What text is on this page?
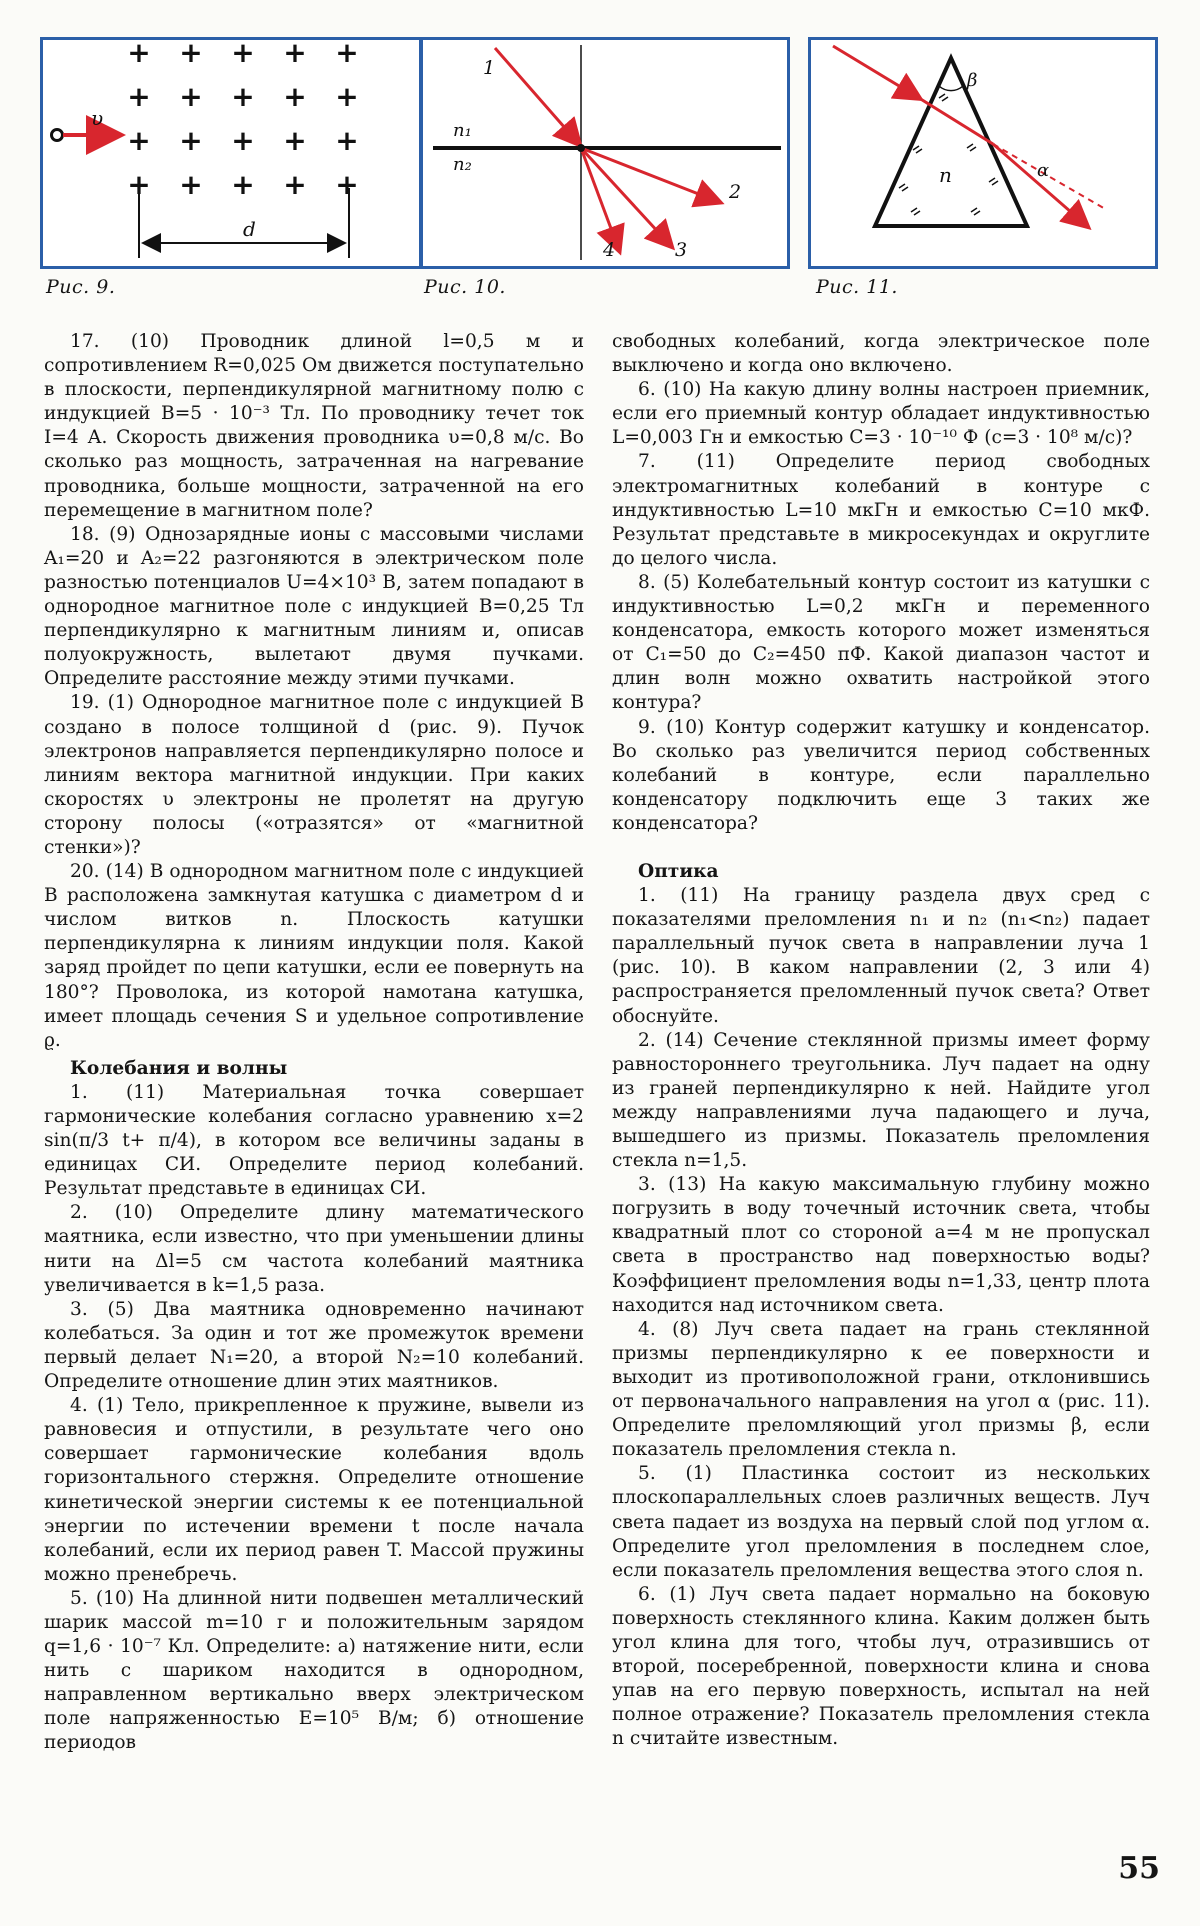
+ + + + +
+ + + + +
+ + + + +
+ + + + +
υ
d
Рис. 9.
n₁
n₂
1
2
3
4
Рис. 10.
β
n	α
Рис. 11.

17. (10) Проводник длиной l=0,5 м и сопротивлением R=0,025 Ом движется поступательно в плоскости, перпендикулярной магнитному полю с индукцией B=5 · 10⁻³ Тл. По проводнику течет ток I=4 А. Скорость движения проводника υ=0,8 м/с. Во сколько раз мощность, затраченная на нагревание проводника, больше мощности, затраченной на его перемещение в магнитном поле?

18. (9) Однозарядные ионы с массовыми числами A₁=20 и A₂=22 разгоняются в электрическом поле разностью потенциалов U=4×10³ В, затем попадают в однородное магнитное поле с индукцией B=0,25 Тл перпендикулярно к магнитным линиям и, описав полуокружность, вылетают двумя пучками. Определите расстояние между этими пучками.

19. (1) Однородное магнитное поле с индукцией B создано в полосе толщиной d (рис. 9). Пучок электронов направляется перпендикулярно полосе и линиям вектора магнитной индукции. При каких скоростях υ электроны не пролетят на другую сторону полосы («отразятся» от «магнитной стенки»)?

20. (14) В однородном магнитном поле с индукцией B расположена замкнутая катушка с диаметром d и числом витков n. Плоскость катушки перпендикулярна к линиям индукции поля. Какой заряд пройдет по цепи катушки, если ее повернуть на 180°? Проволока, из которой намотана катушка, имеет площадь сечения S и удельное сопротивление ϱ.

Колебания и волны

1. (11) Материальная точка совершает гармонические колебания согласно уравнению x=2 sin(π/3 t+ π/4), в котором все величины заданы в единицах СИ. Определите период колебаний. Результат представьте в единицах СИ.

2. (10) Определите длину математического маятника, если известно, что при уменьшении длины нити на Δl=5 см частота колебаний маятника увеличивается в k=1,5 раза.

3. (5) Два маятника одновременно начинают колебаться. За один и тот же промежуток времени первый делает N₁=20, а второй N₂=10 колебаний. Определите отношение длин этих маятников.

4. (1) Тело, прикрепленное к пружине, вывели из равновесия и отпустили, в результате чего оно совершает гармонические колебания вдоль горизонтального стержня. Определите отношение кинетической энергии системы к ее потенциальной энергии по истечении времени t после начала колебаний, если их период равен T. Массой пружины можно пренебречь.

5. (10) На длинной нити подвешен металлический шарик массой m=10 г и положительным зарядом q=1,6 · 10⁻⁷ Кл. Определите: а) натяжение нити, если нить с шариком находится в однородном, направленном вертикально вверх электрическом поле напряженностью E=10⁵ В/м; б) отношение периодов

свободных колебаний, когда электрическое поле выключено и когда оно включено.

6. (10) На какую длину волны настроен приемник, если его приемный контур обладает индуктивностью L=0,003 Гн и емкостью C=3 · 10⁻¹⁰ Ф (c=3 · 10⁸ м/с)?

7. (11) Определите период свободных электромагнитных колебаний в контуре с индуктивностью L=10 мкГн и емкостью C=10 мкФ. Результат представьте в микросекундах и округлите до целого числа.

8. (5) Колебательный контур состоит из катушки с индуктивностью L=0,2 мкГн и переменного конденсатора, емкость которого может изменяться от C₁=50 до C₂=450 пФ. Какой диапазон частот и длин волн можно охватить настройкой этого контура?

9. (10) Контур содержит катушку и конденсатор. Во сколько раз увеличится период собственных колебаний в контуре, если параллельно конденсатору подключить еще 3 таких же конденсатора?

Оптика

1. (11) На границу раздела двух сред с показателями преломления n₁ и n₂ (n₁<n₂) падает параллельный пучок света в направлении луча 1 (рис. 10). В каком направлении (2, 3 или 4) распространяется преломленный пучок света? Ответ обоснуйте.

2. (14) Сечение стеклянной призмы имеет форму равностороннего треугольника. Луч падает на одну из граней перпендикулярно к ней. Найдите угол между направлениями луча падающего и луча, вышедшего из призмы. Показатель преломления стекла n=1,5.

3. (13) На какую максимальную глубину можно погрузить в воду точечный источник света, чтобы квадратный плот со стороной a=4 м не пропускал света в пространство над поверхностью воды? Коэффициент преломления воды n=1,33, центр плота находится над источником света.

4. (8) Луч света падает на грань стеклянной призмы перпендикулярно к ее поверхности и выходит из противоположной грани, отклонившись от первоначального направления на угол α (рис. 11). Определите преломляющий угол призмы β, если показатель преломления стекла n.

5. (1) Пластинка состоит из нескольких плоскопараллельных слоев различных веществ. Луч света падает из воздуха на первый слой под углом α. Определите угол преломления в последнем слое, если показатель преломления вещества этого слоя n.

6. (1) Луч света падает нормально на боковую поверхность стеклянного клина. Каким должен быть угол клина для того, чтобы луч, отразившись от второй, посеребренной, поверхности клина и снова упав на его первую поверхность, испытал на ней полное отражение? Показатель преломления стекла n считайте известным.

55
